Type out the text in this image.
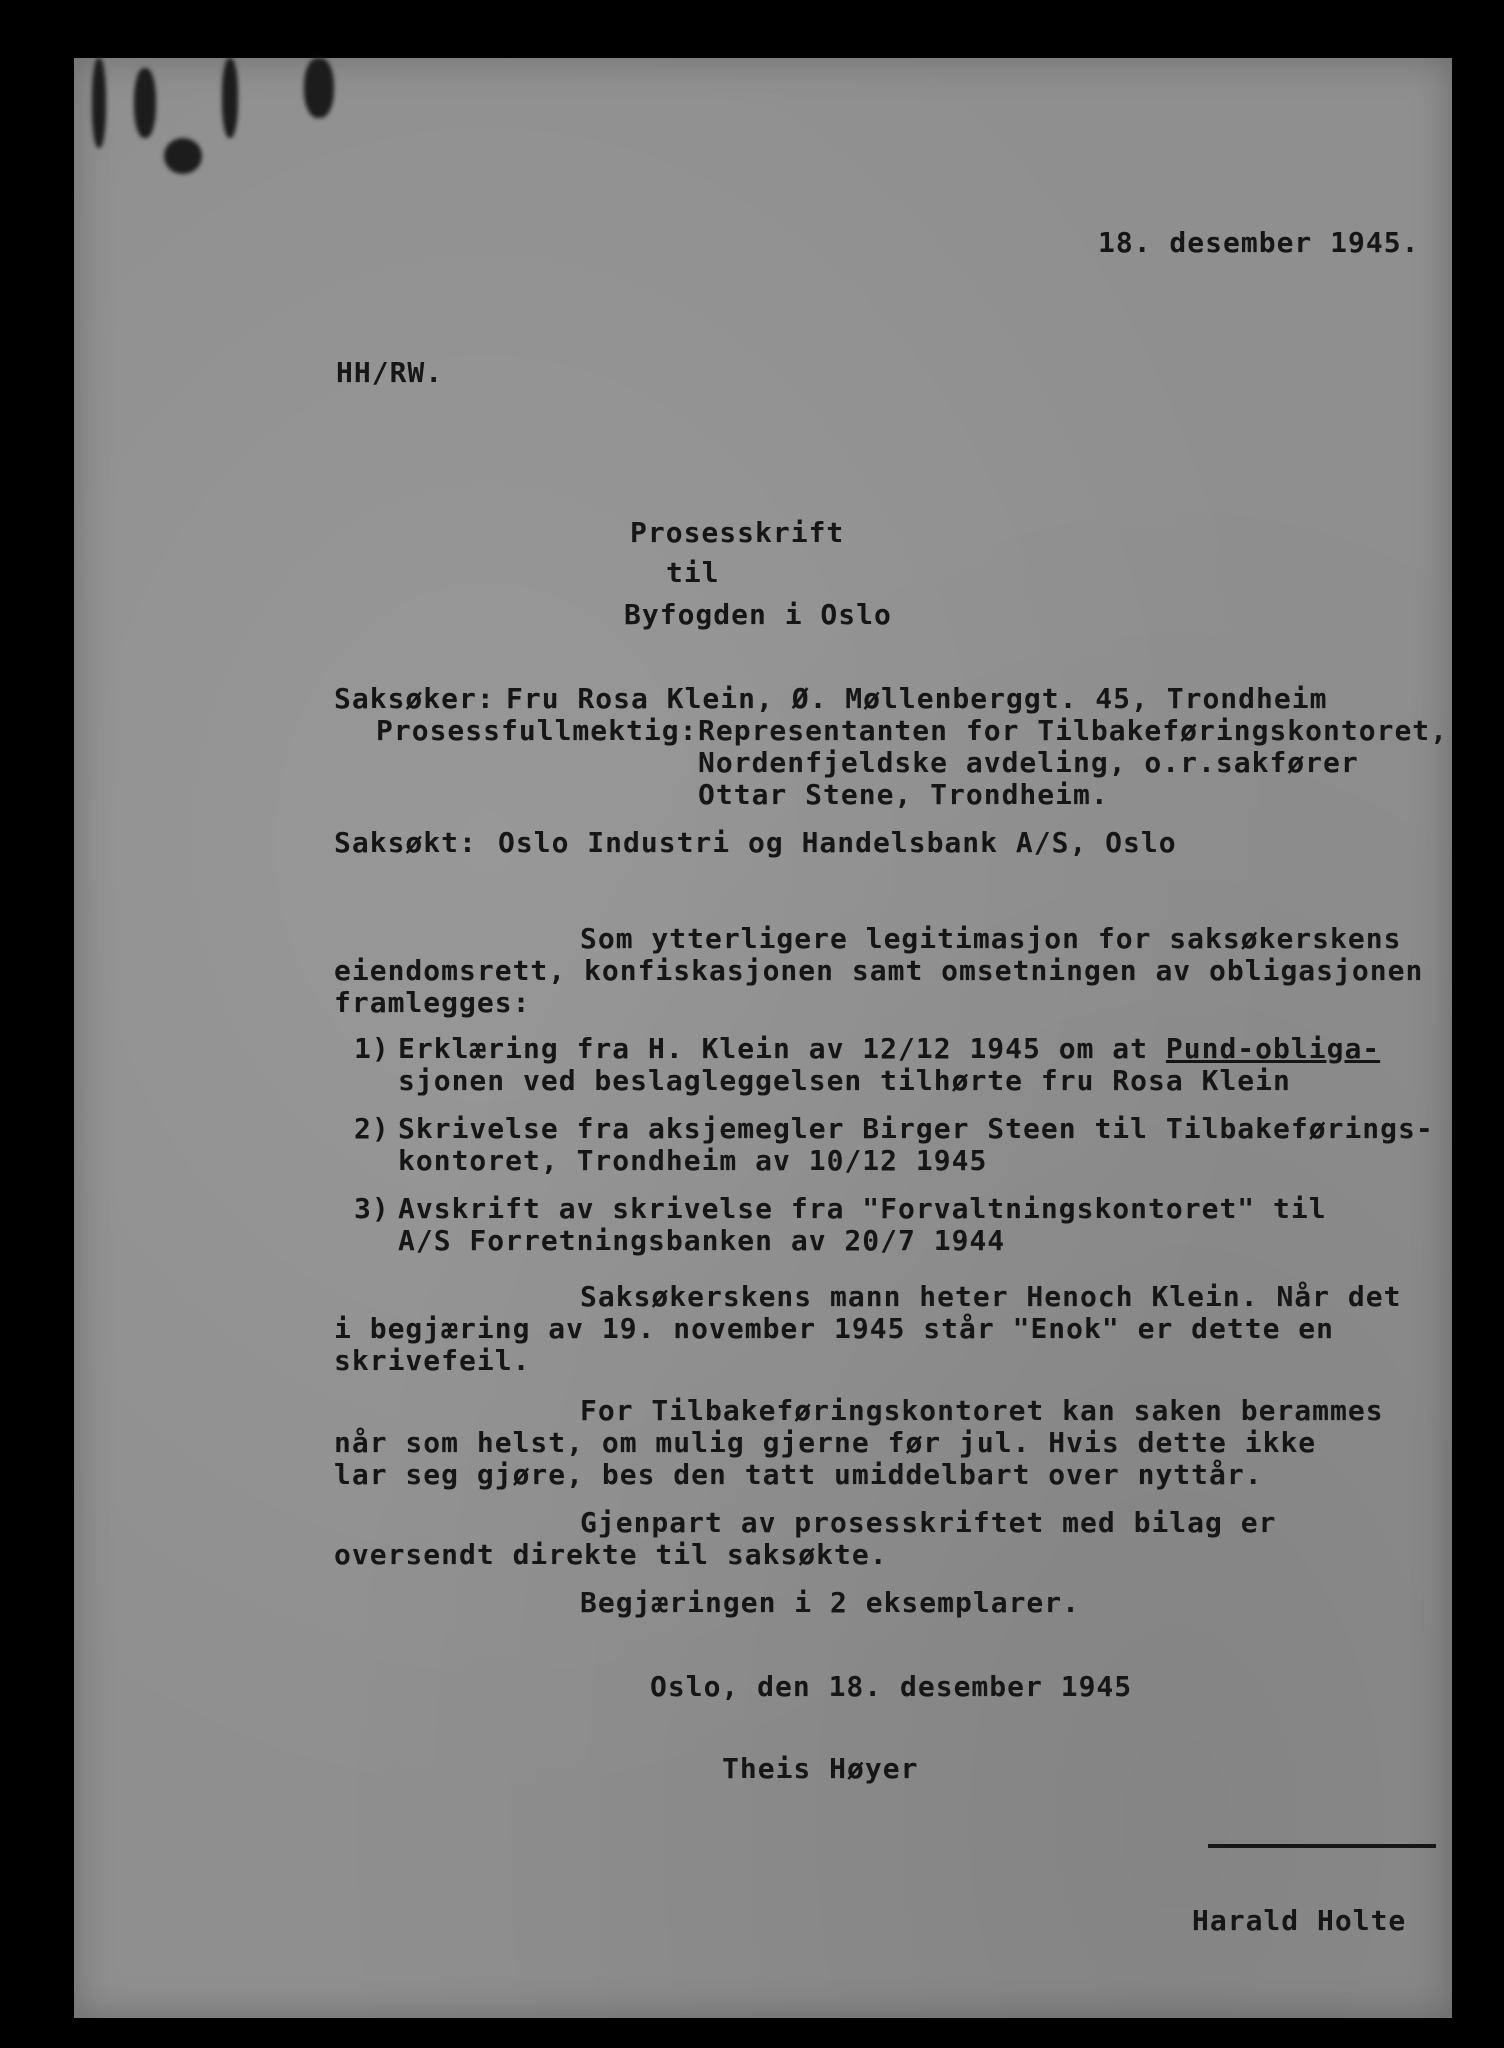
18. desember 1945.
HH/RW.
Prosesskrift
til
Byfogden i Oslo
Saksøker: Fru Rosa Klein, Ø. Møllenberggt. 45, Trondheim
Prosessfullmektig: Representanten for Tilbakeføringskontoret,
Nordenfjeldske avdeling, o.r.sakfører
Ottar Stene, Trondheim.
Saksøkt: Oslo Industri og Handelsbank A/S, Oslo
Som ytterligere legitimasjon for saksøkerskens
eiendomsrett, konfiskasjonen samt omsetningen av obligasjonen
framlegges:
1) Erklæring fra H. Klein av 12/12 1945 om at Pund-obliga-
sjonen ved beslagleggelsen tilhørte fru Rosa Klein
2) Skrivelse fra aksjemegler Birger Steen til Tilbakeførings-
kontoret, Trondheim av 10/12 1945
3) Avskrift av skrivelse fra "Forvaltningskontoret" til
A/S Forretningsbanken av 20/7 1944
Saksøkerskens mann heter Henoch Klein. Når det
i begjæring av 19. november 1945 står "Enok" er dette en
skrivefeil.
For Tilbakeføringskontoret kan saken berammes
når som helst, om mulig gjerne før jul. Hvis dette ikke
lar seg gjøre, bes den tatt umiddelbart over nyttår.
Gjenpart av prosesskriftet med bilag er
oversendt direkte til saksøkte.
Begjæringen i 2 eksemplarer.
Oslo, den 18. desember 1945
Theis Høyer
Harald Holte
